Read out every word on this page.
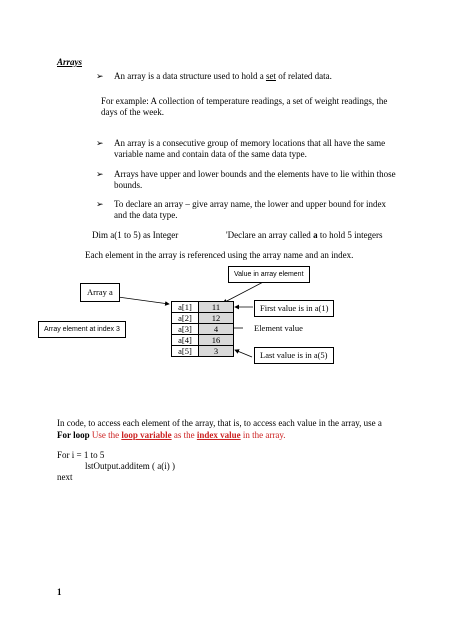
Arrays
➢ An array is a data structure used to hold a set of related data.
For example: A collection of temperature readings, a set of weight readings, the
days of the week.
➢ An array is a consecutive group of memory locations that all have the same
variable name and contain data of the same data type.
➢ Arrays have upper and lower bounds and the elements have to lie within those
bounds.
➢ To declare an array – give array name, the lower and upper bound for index
and the data type.
Dim a(1 to 5) as Integer	'Declare an array called a to hold 5 integers
Each element in the array is referenced using the array name and an index.
Value in array element
Array a
Array element at index 3
First value is in a(1)
Element value
Last value is in a(5)
a[1]	11
a[2]	12
a[3]	4
a[4]	16
a[5]	3
In code, to access each element of the array, that is, to access each value in the array, use a
For loop Use the loop variable as the index value in the array.
For i = 1 to 5
lstOutput.additem ( a(i) )
next
1
